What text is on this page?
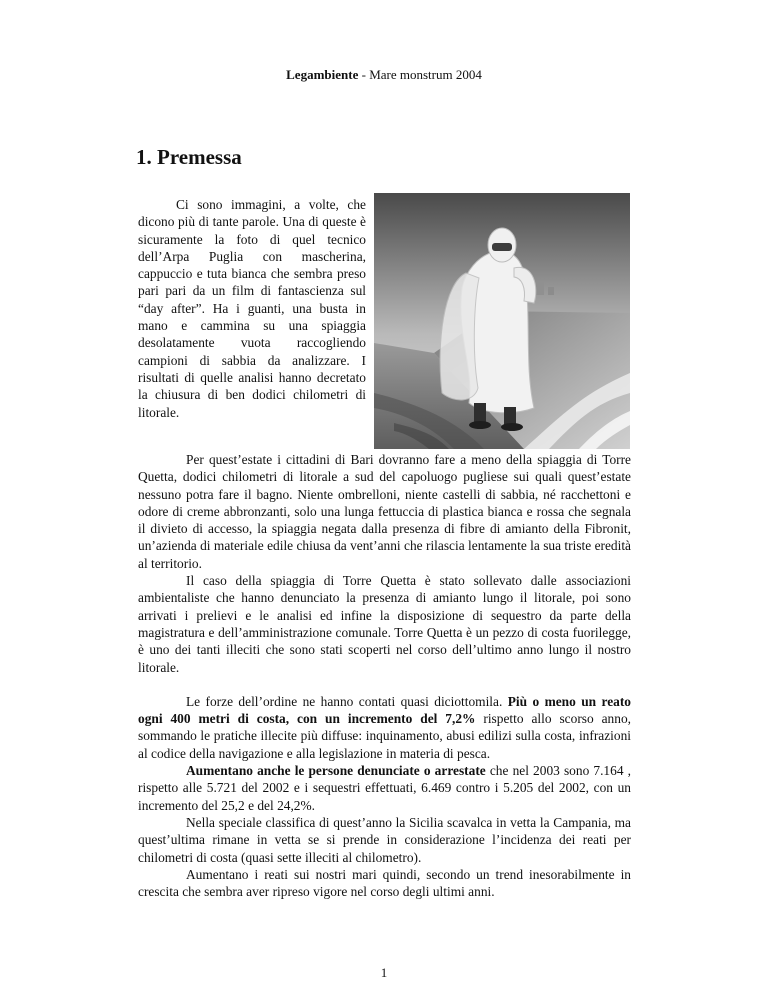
Legambiente - Mare monstrum 2004
1. Premessa

Ci sono immagini, a volte, che dicono più di tante parole. Una di queste è sicuramente la foto di quel tecnico dell’Arpa Puglia con mascherina, cappuccio e tuta bianca che sembra preso pari pari da un film di fantascienza sul “day after”. Ha i guanti, una busta in mano e cammina su una spiaggia desolatamente vuota raccogliendo campioni di sabbia da analizzare. I risultati di quelle analisi hanno decretato la chiusura di ben dodici chilometri di litorale.

Per quest’estate i cittadini di Bari dovranno fare a meno della spiaggia di Torre Quetta, dodici chilometri di litorale a sud del capoluogo pugliese sui quali quest’estate nessuno potra fare il bagno. Niente ombrelloni, niente castelli di sabbia, né racchettoni e odore di creme abbronzanti, solo una lunga fettuccia di plastica bianca e rossa che segnala il divieto di accesso, la spiaggia negata dalla presenza di fibre di amianto della Fibronit, un’azienda di materiale edile chiusa da vent’anni che rilascia lentamente la sua triste eredità al territorio.

Il caso della spiaggia di Torre Quetta è stato sollevato dalle associazioni ambientaliste che hanno denunciato la presenza di amianto lungo il litorale, poi sono arrivati i prelievi e le analisi ed infine la disposizione di sequestro da parte della magistratura e dell’amministrazione comunale. Torre Quetta è un pezzo di costa fuorilegge, è uno dei tanti illeciti che sono stati scoperti nel corso dell’ultimo anno lungo il nostro litorale.

Le forze dell’ordine ne hanno contati quasi diciottomila. Più o meno un reato ogni 400 metri di costa, con un incremento del 7,2% rispetto allo scorso anno, sommando le pratiche illecite più diffuse: inquinamento, abusi edilizi sulla costa, infrazioni al codice della navigazione e alla legislazione in materia di pesca.

Aumentano anche le persone denunciate o arrestate che nel 2003 sono 7.164 , rispetto alle 5.721 del 2002 e i sequestri effettuati, 6.469 contro i 5.205 del 2002, con un incremento del 25,2 e del 24,2%.

Nella speciale classifica di quest’anno la Sicilia scavalca in vetta la Campania, ma quest’ultima rimane in vetta se si prende in considerazione l’incidenza dei reati per chilometri di costa (quasi sette illeciti al chilometro).

Aumentano i reati sui nostri mari quindi, secondo un trend inesorabilmente in crescita che sembra aver ripreso vigore nel corso degli ultimi anni.

1
